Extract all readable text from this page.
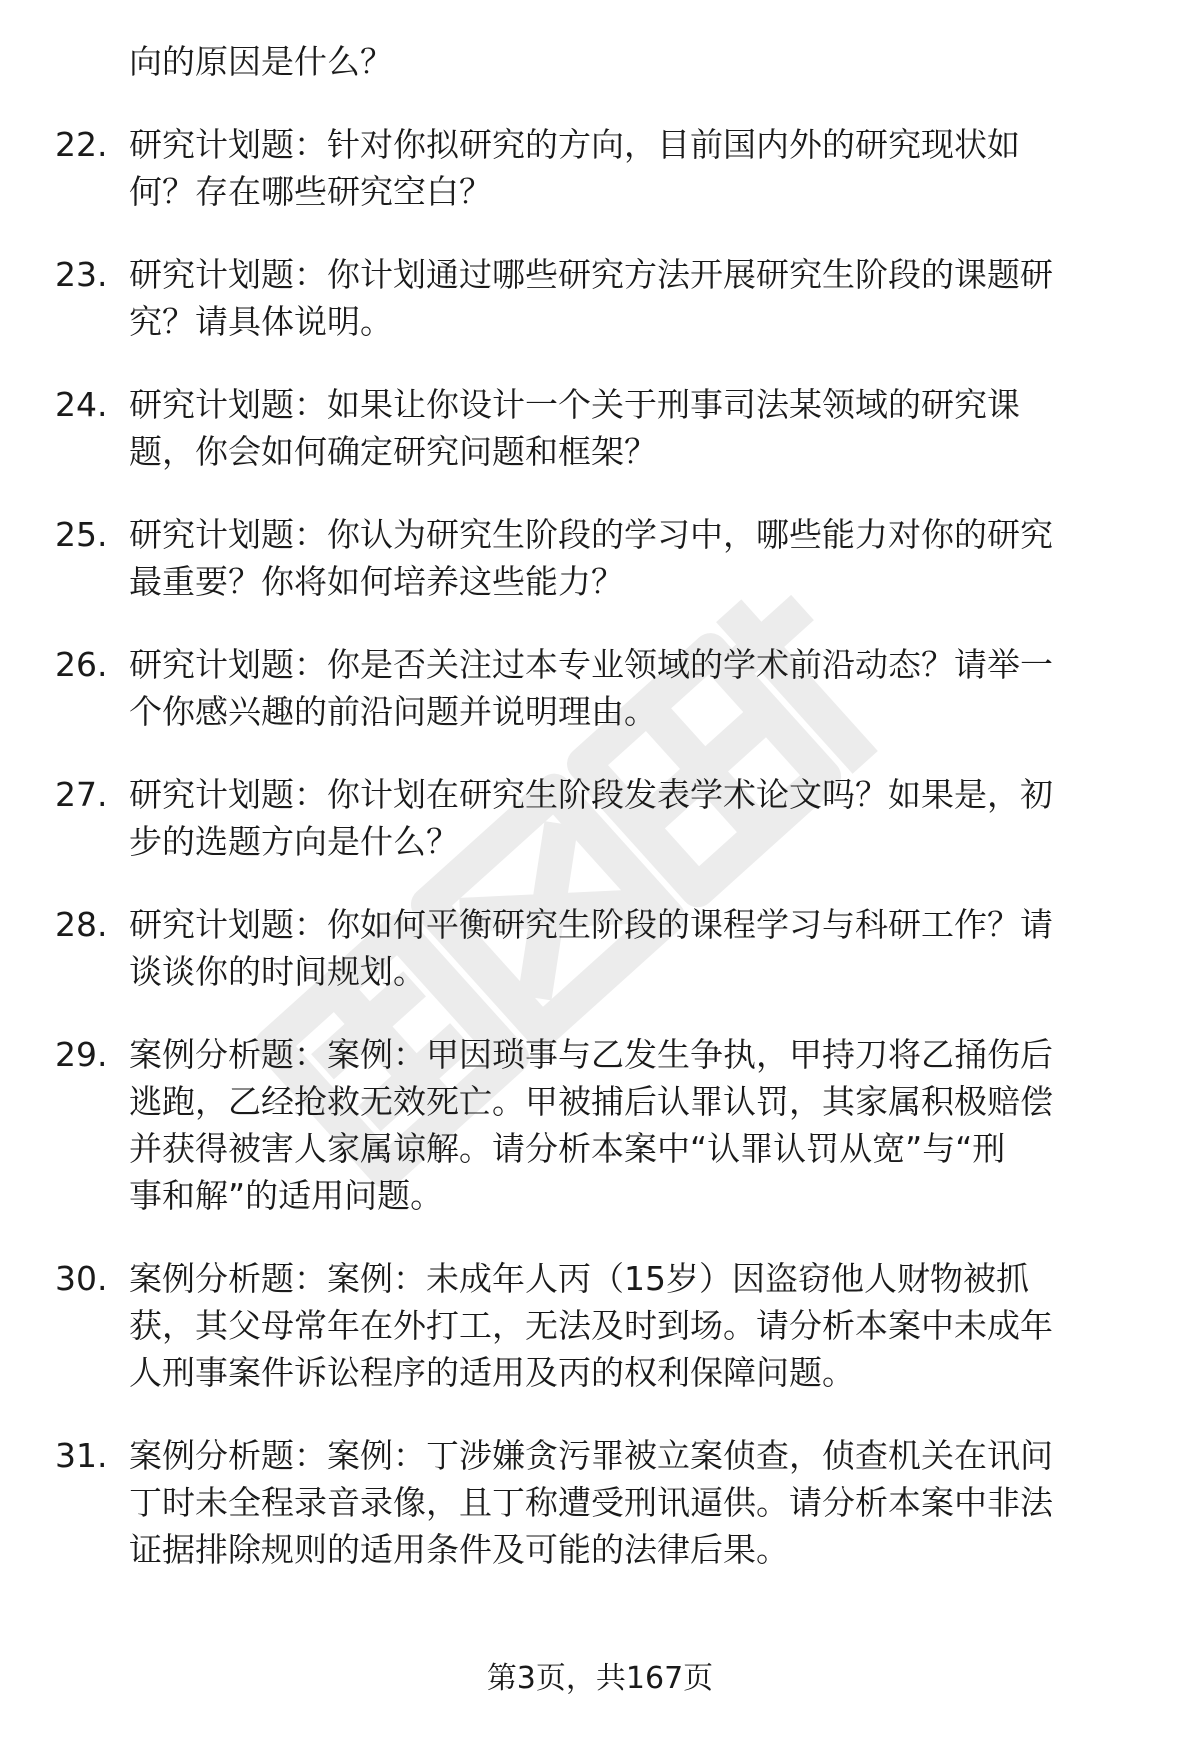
向的原因是什么？
22. 研究计划题：针对你拟研究的方向，目前国内外的研究现状如
何？存在哪些研究空白？
23. 研究计划题：你计划通过哪些研究方法开展研究生阶段的课题研
究？请具体说明。
24. 研究计划题：如果让你设计一个关于刑事司法某领域的研究课
题，你会如何确定研究问题和框架？
25. 研究计划题：你认为研究生阶段的学习中，哪些能力对你的研究
最重要？你将如何培养这些能力？
26. 研究计划题：你是否关注过本专业领域的学术前沿动态？请举一
个你感兴趣的前沿问题并说明理由。
27. 研究计划题：你计划在研究生阶段发表学术论文吗？如果是，初
步的选题方向是什么？
28. 研究计划题：你如何平衡研究生阶段的课程学习与科研工作？请
谈谈你的时间规划。
29. 案例分析题：案例：甲因琐事与乙发生争执，甲持刀将乙捅伤后
逃跑，乙经抢救无效死亡。甲被捕后认罪认罚，其家属积极赔偿
并获得被害人家属谅解。请分析本案中“认罪认罚从宽”与“刑
事和解”的适用问题。
30. 案例分析题：案例：未成年人丙（15岁）因盗窃他人财物被抓
获，其父母常年在外打工，无法及时到场。请分析本案中未成年
人刑事案件诉讼程序的适用及丙的权利保障问题。
31. 案例分析题：案例：丁涉嫌贪污罪被立案侦查，侦查机关在讯问
丁时未全程录音录像，且丁称遭受刑讯逼供。请分析本案中非法
证据排除规则的适用条件及可能的法律后果。
第3页，共167页
